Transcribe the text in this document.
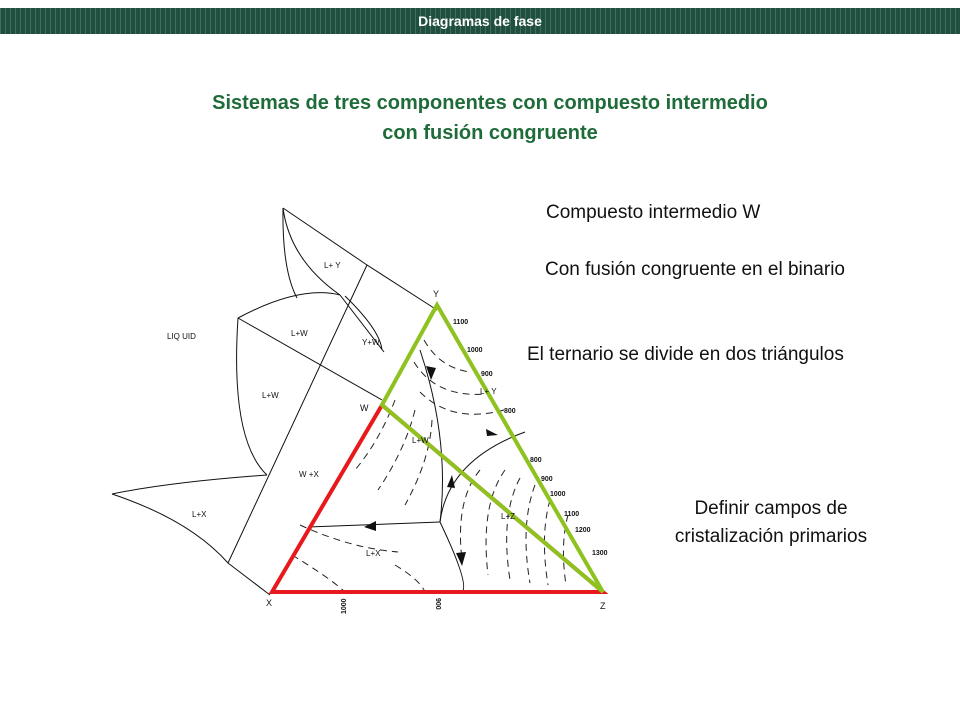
Diagramas de fase
Sistemas de tres componentes con compuesto intermedio
con fusión congruente
Y
W
X	Z
LIQ UID
L+ Y
L+W
Y+W
L+W
W +X
L+X
L+ Y
L+W
L+X
L+Z
1100
1000
900
800
800
900
1000
1100
1200
1300
1000	900
Compuesto intermedio W
Con fusión congruente en el binario
El ternario se divide en dos triángulos
Definir campos de
cristalización primarios
